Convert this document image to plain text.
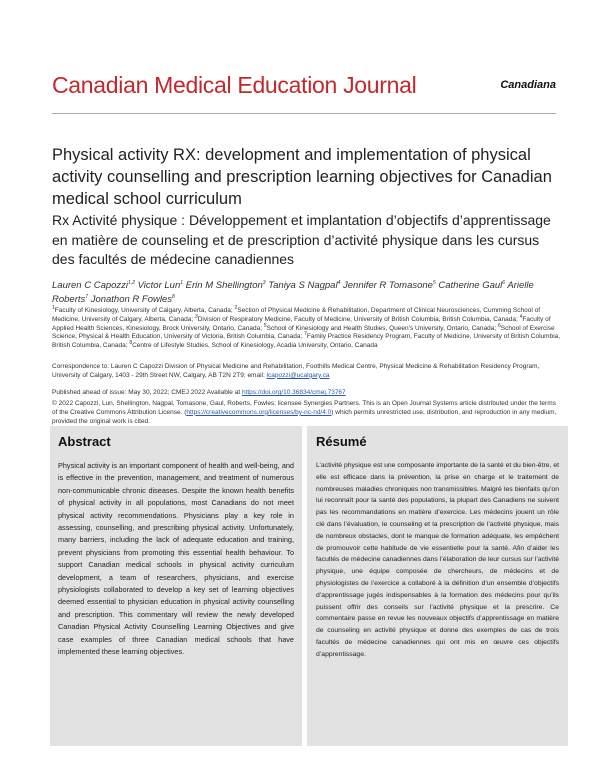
Canadian Medical Education Journal	Canadiana
Physical activity RX: development and implementation of physical activity counselling and prescription learning objectives for Canadian medical school curriculum
Rx Activité physique : Développement et implantation d’objectifs d’apprentissage en matière de counseling et de prescription d’activité physique dans les cursus des facultés de médecine canadiennes
Lauren C Capozzi$^{1,2}$ Victor Lun$^1$ Erin M Shellington$^3$ Taniya S Nagpal$^4$ Jennifer R Tomasone$^5$ Catherine Gaul$^6$ Arielle Roberts$^7$ Jonathon R Fowles$^8$
$^1$Faculty of Kinesiology, University of Calgary, Alberta, Canada; $^2$Section of Physical Medicine & Rehabilitation, Department of Clinical Neurosciences, Cumming School of Medicine, University of Calgary, Alberta, Canada; $^3$Division of Respiratory Medicine, Faculty of Medicine, University of British Columbia, British Columbia, Canada; $^4$Faculty of Applied Health Sciences, Kinesiology, Brock University, Ontario, Canada; $^5$School of Kinesiology and Health Studies, Queen’s University, Ontario, Canada; $^6$School of Exercise Science, Physical & Health Education, University of Victoria, British Columbia, Canada; $^7$Family Practice Residency Program, Faculty of Medicine, University of British Columbia, British Columbia, Canada; $^8$Centre of Lifestyle Studies, School of Kinesiology, Acadia University, Ontario, Canada
Correspondence to: Lauren C Capozzi Division of Physical Medicine and Rehabilitation, Foothills Medical Centre, Physical Medicine & Rehabilitation Residency Program, University of Calgary, 1403 - 29th Street NW, Calgary, AB T2N 2T9; email: lcapozzi@ucalgary.ca
Published ahead of issue: May 30, 2022; CMEJ 2022 Available at https://doi.org/10.36834/cmej.73767
© 2022 Capozzi, Lun, Shellington, Nagpal, Tomasone, Gaul, Roberts, Fowles; licensee Synergies Partners. This is an Open Journal Systems article distributed under the terms of the Creative Commons Attribution License. (https://creativecommons.org/licenses/by-nc-nd/4.0) which permits unrestricted use, distribution, and reproduction in any medium, provided the original work is cited.
Abstract
Physical activity is an important component of health and well-being, and is effective in the prevention, management, and treatment of numerous non-communicable chronic diseases. Despite the known health benefits of physical activity in all populations, most Canadians do not meet physical activity recommendations. Physicians play a key role in assessing, counselling, and prescribing physical activity. Unfortunately, many barriers, including the lack of adequate education and training, prevent physicians from promoting this essential health behaviour. To support Canadian medical schools in physical activity curriculum development, a team of researchers, physicians, and exercise physiologists collaborated to develop a key set of learning objectives deemed essential to physician education in physical activity counselling and prescription. This commentary will review the newly developed Canadian Physical Activity Counselling Learning Objectives and give case examples of three Canadian medical schools that have implemented these learning objectives.
Résumé
L’activité physique est une composante importante de la santé et du bien-être, et elle est efficace dans la prévention, la prise en charge et le traitement de nombreuses maladies chroniques non transmissibles. Malgré les bienfaits qu’on lui reconnaît pour la santé des populations, la plupart des Canadiens ne suivent pas les recommandations en matière d’exercice. Les médecins jouent un rôle clé dans l’évaluation, le counseling et la prescription de l’activité physique, mais de nombreux obstacles, dont le manque de formation adéquate, les empêchent de promouvoir cette habitude de vie essentielle pour la santé. Afin d’aider les facultés de médecine canadiennes dans l’élaboration de leur cursus sur l’activité physique, une équipe composée de chercheurs, de médecins et de physiologistes de l’exercice a collaboré à la définition d’un ensemble d’objectifs d’apprentissage jugés indispensables à la formation des médecins pour qu’ils puissent offrir des conseils sur l’activité physique et la prescrire. Ce commentaire passe en revue les nouveaux objectifs d’apprentissage en matière de counseling en activité physique et donne des exemples de cas de trois facultés de médecine canadiennes qui ont mis en œuvre ces objectifs d’apprentissage.
